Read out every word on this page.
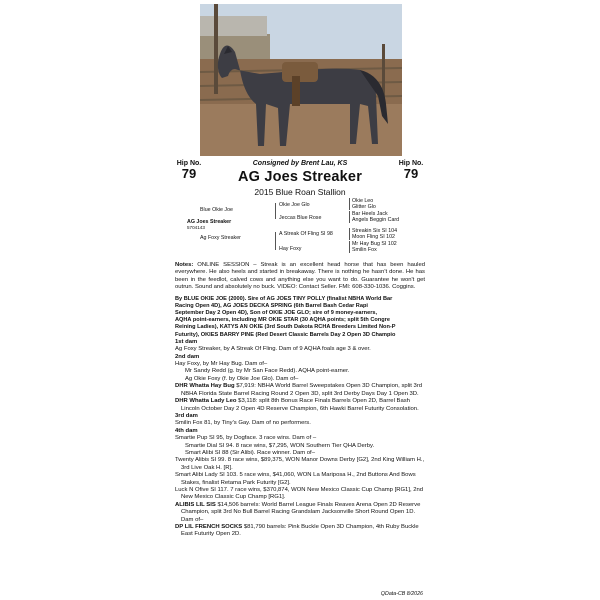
Hip No.
79
Hip No.
79
Consigned by Brent Lau, KS
AG Joes Streaker
2015 Blue Roan Stallion
Blue Okie Joe
AG Joes Streaker
5704143
Ag Foxy Streaker
Okie Joe Glo
Jeccas Blue Rose
A Streak Of Fling SI 98
Hay Foxy
Okie Leo
Glitter Glo
Bar Heels Jack
Angels Beggin Card
Streakin Six SI 104
Moon Fling SI 102
Mr Hay Bug SI 102
Smilin Fox

Notes: ONLINE SESSION – Streak is an excellent head horse that has been hauled everywhere. He also heels and started in breakaway. There is nothing he hasn't done. He has been in the feedlot, calved cows and anything else you want to do. Guarantee he won't get outrun. Sound and absolutely no buck. VIDEO: Contact Seller. FMI: 608-330-1036. Coggins.

By BLUE OKIE JOE (2000). Sire of AG JOES TINY POLLY (finalist NBHA World Bar
Racing Open 4D), AG JOES DECKA SPRING (6th Barrel Bash Cedar Rapi
September Day 2 Open 4D), Son of OKIE JOE GLO; sire of 9 money-earners,
AQHA point-earners, including MR OKIE STAR (30 AQHA points; split 5th Congre
Reining Ladies), KATYS AN OKIE (3rd South Dakota RCHA Breeders Limited Non-P
Futurity), OKIES BARRY PINE (Red Desert Classic Barrels Day 2 Open 3D Champio

1st dam

Ag Foxy Streaker, by A Streak Of Fling. Dam of 9 AQHA foals age 3 & over.

2nd dam

Hay Foxy, by Mr Hay Bug. Dam of–

Mr Sandy Redd (g. by Mr San Face Redd). AQHA point-earner.

Ag Okie Foxy (f. by Okie Joe Glo). Dam of–

DHR Whatta Hay Bug $7,919: NBHA World Barrel Sweepstakes Open 3D Champion, split 3rd NBHA Florida State Barrel Racing Round 2 Open 3D, split 3rd Derby Days Day 1 Open 3D.

DHR Whatta Lady Leo $3,118: split 8th Bonus Race Finals Barrels Open 2D, Barrel Bash Lincoln October Day 2 Open 4D Reserve Champion, 6th Hawki Barrel Futurity Consolation.

3rd dam

Smilin Fox 81, by Tiny's Gay. Dam of no performers.

4th dam

Smartie Pup SI 95, by Dogface. 3 race wins. Dam of –

Smartie Dial SI 94. 8 race wins, $7,295, WON Southern Tier QHA Derby.

Smart Alibi SI 88 (Sir Alibi). Race winner. Dam of–

Twenty Alibis SI 99. 8 race wins, $89,375, WON Manor Downs Derby [G2], 2nd King William H., 3rd Live Oak H. [R].

Smart Alibi Lady SI 103. 5 race wins, $41,060, WON La Mariposa H., 2nd Buttons And Bows Stakes, finalist Retama Park Futurity [G2].

Luck N Ofive SI 117. 7 race wins, $370,874, WON New Mexico Classic Cup Champ [RG1], 2nd New Mexico Classic Cup Champ [RG1].

ALIBIS LIL SIS $14,506 barrels: World Barrel League Finals Reaves Arena Open 2D Reserve Champion, split 3rd No Bull Barrel Racing Grandslam Jacksonville Short Round Open 1D. Dam of–

DP LIL FRENCH SOCKS $81,790 barrels: Pink Buckle Open 3D Champion, 4th Ruby Buckle East Futurity Open 2D.

QData-CB 8/2026
